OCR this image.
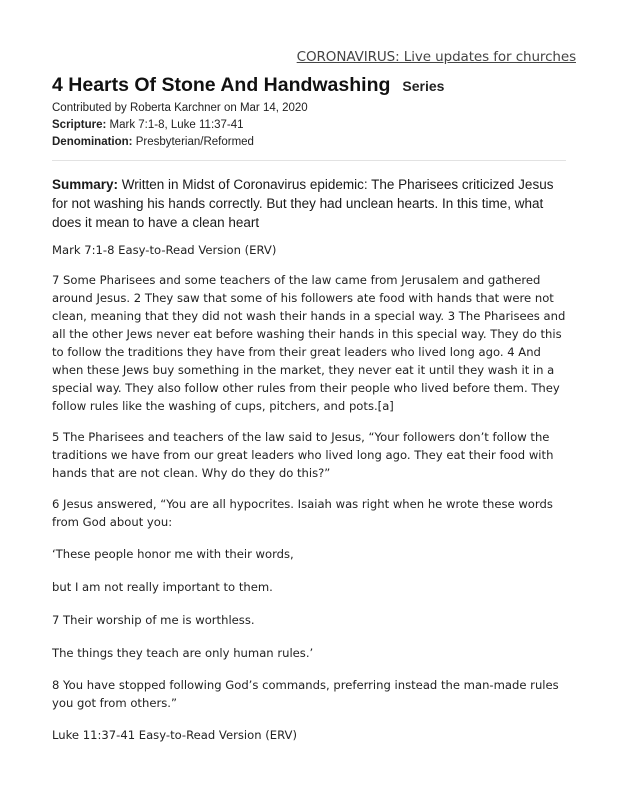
CORONAVIRUS: Live updates for churches
4 Hearts Of Stone And Handwashing Series
Contributed by Roberta Karchner on Mar 14, 2020
Scripture: Mark 7:1-8, Luke 11:37-41
Denomination: Presbyterian/Reformed

Summary: Written in Midst of Coronavirus epidemic: The Pharisees criticized Jesus for not washing his hands correctly. But they had unclean hearts. In this time, what does it mean to have a clean heart

Mark 7:1-8 Easy-to-Read Version (ERV)

7 Some Pharisees and some teachers of the law came from Jerusalem and gathered around Jesus. 2 They saw that some of his followers ate food with hands that were not clean, meaning that they did not wash their hands in a special way. 3 The Pharisees and all the other Jews never eat before washing their hands in this special way. They do this to follow the traditions they have from their great leaders who lived long ago. 4 And when these Jews buy something in the market, they never eat it until they wash it in a special way. They also follow other rules from their people who lived before them. They follow rules like the washing of cups, pitchers, and pots.[a]

5 The Pharisees and teachers of the law said to Jesus, “Your followers don’t follow the traditions we have from our great leaders who lived long ago. They eat their food with hands that are not clean. Why do they do this?”

6 Jesus answered, “You are all hypocrites. Isaiah was right when he wrote these words from God about you:

‘These people honor me with their words,

but I am not really important to them.

7 Their worship of me is worthless.

The things they teach are only human rules.’

8 You have stopped following God’s commands, preferring instead the man-made rules you got from others.”

Luke 11:37-41 Easy-to-Read Version (ERV)
